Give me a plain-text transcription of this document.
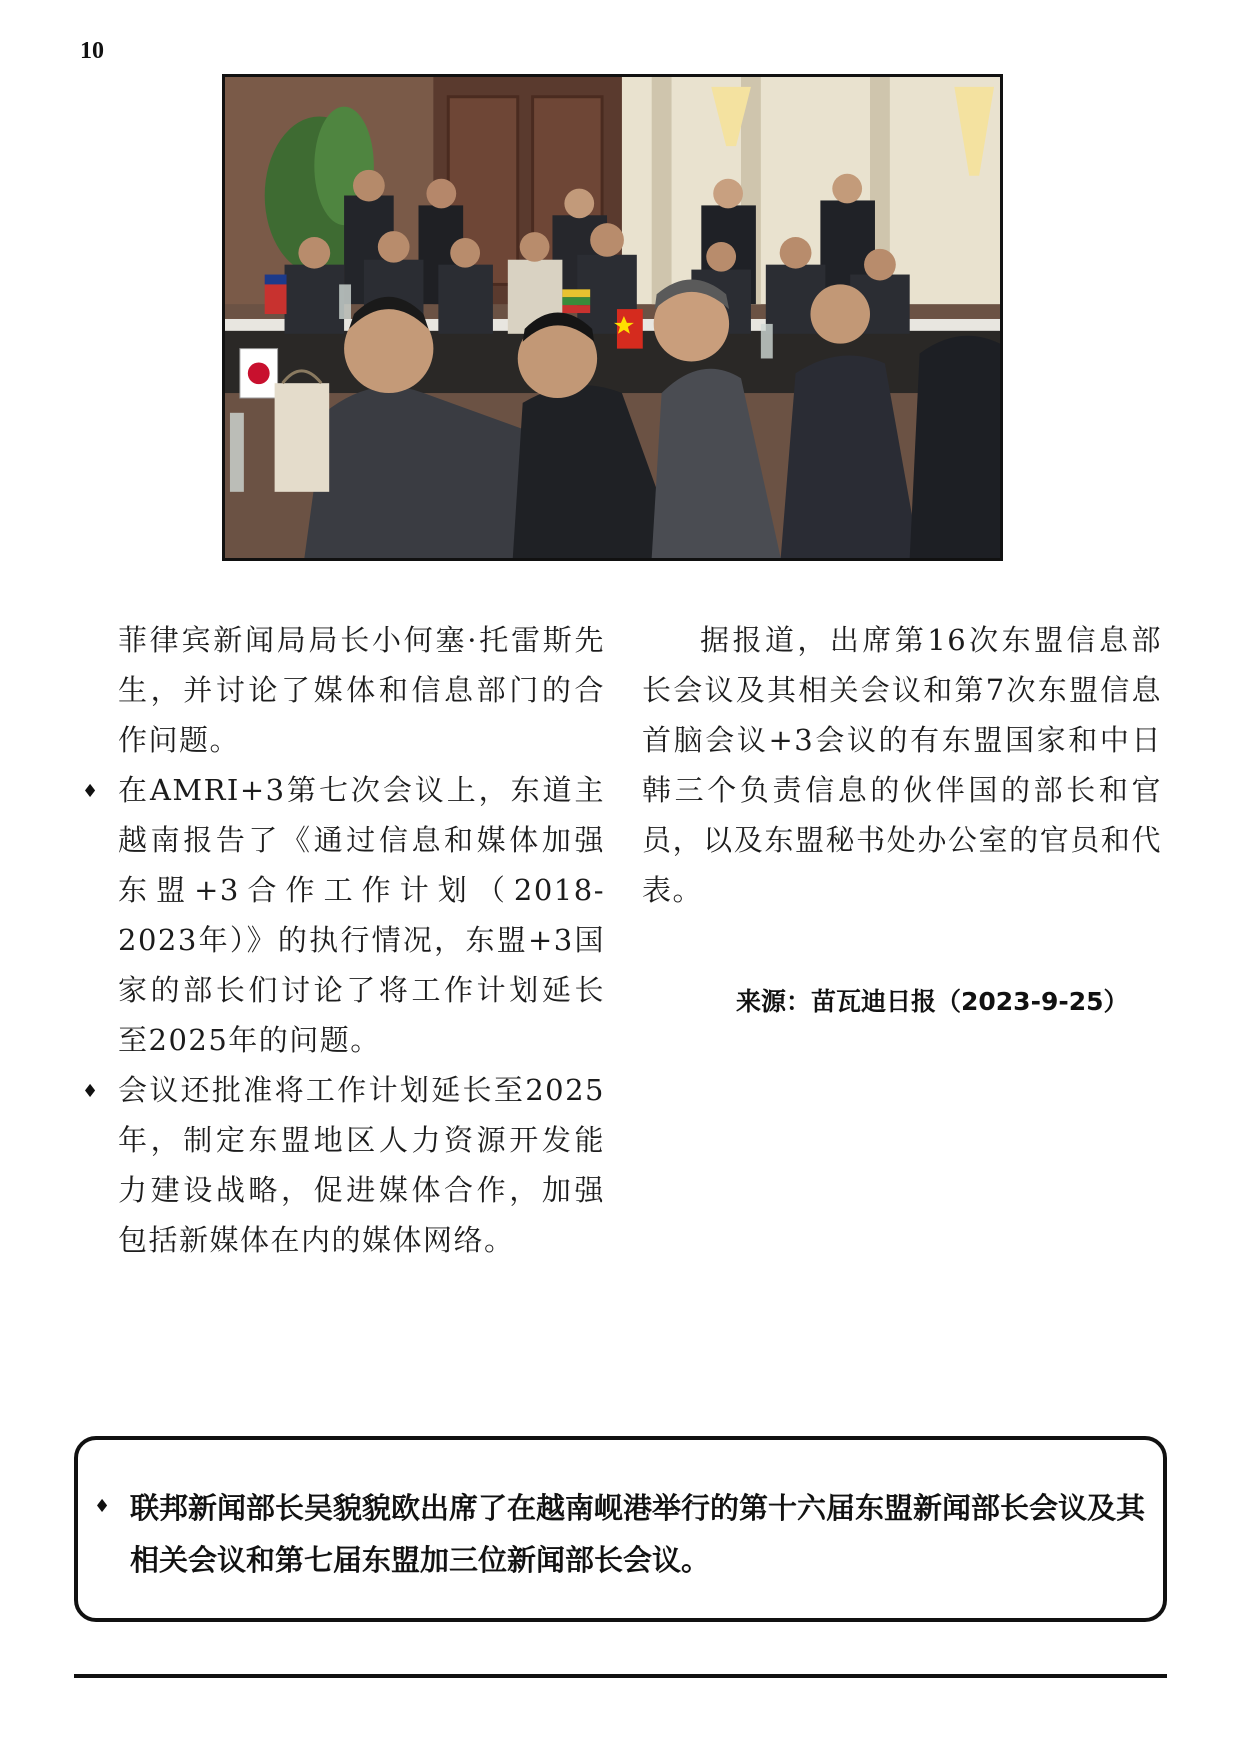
10

菲律宾新闻局局长小何塞·托雷斯先生，并讨论了媒体和信息部门的合作问题。

♦ 在AMRI+3第七次会议上，东道主越南报告了《通过信息和媒体加强东盟+3合作工作计划（2018-2023年）》的执行情况，东盟+3国家的部长们讨论了将工作计划延长至2025年的问题。
♦ 会议还批准将工作计划延长至2025年，制定东盟地区人力资源开发能力建设战略，促进媒体合作，加强包括新媒体在内的媒体网络。

据报道，出席第16次东盟信息部长会议及其相关会议和第7次东盟信息首脑会议+3会议的有东盟国家和中日韩三个负责信息的伙伴国的部长和官员，以及东盟秘书处办公室的官员和代表。

来源：苗瓦迪日报（2023-9-25）
♦ 联邦新闻部长吴貌貌欧出席了在越南岘港举行的第十六届东盟新闻部长会议及其相关会议和第七届东盟加三位新闻部长会议。
